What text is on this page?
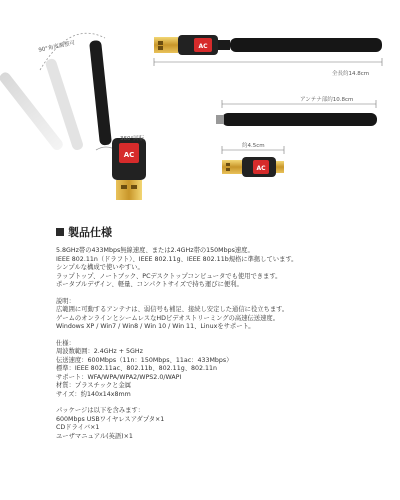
AC
AC
AC
90°角度調整可
360°回転
全長約14.8cm
アンテナ部約10.8cm
約4.5cm
製品仕様
5.8GHz帯の433Mbps無線速度、または2.4GHz帯の150Mbps速度。
IEEE 802.11n（ドラフト）、IEEE 802.11g、IEEE 802.11b規格に準拠しています。
シンプルな構成で使いやすい。
ラップトップ、ノートブック、PCデスクトップコンピュータでも使用できます。
ポータブルデザイン、軽量、コンパクトサイズで持ち運びに便利。
説明：
広範囲に可動するアンテナは、弱信号も補足、接続し安定した通信に役立ちます。
ゲームのオンラインとシームレスなHDビデオストリーミングの高速伝送速度。
Windows XP / Win7 / Win8 / Win 10 / Win 11、Linuxをサポート。
仕様：
周波数範囲：2.4GHz + 5GHz
伝送速度：600Mbps（11n：150Mbps、11ac：433Mbps）
標準：IEEE 802.11ac、802.11b、802.11g、802.11n
サポート：WFA/WPA/WPA2/WPS2.0/WAPI
材質：プラスチックと金属
サイズ：約140x14x8mm
パッケージは以下を含みます：
600Mbps USBワイヤレスアダプタ×1
CDドライバ×1
ユーザマニュアル(英語)×1
